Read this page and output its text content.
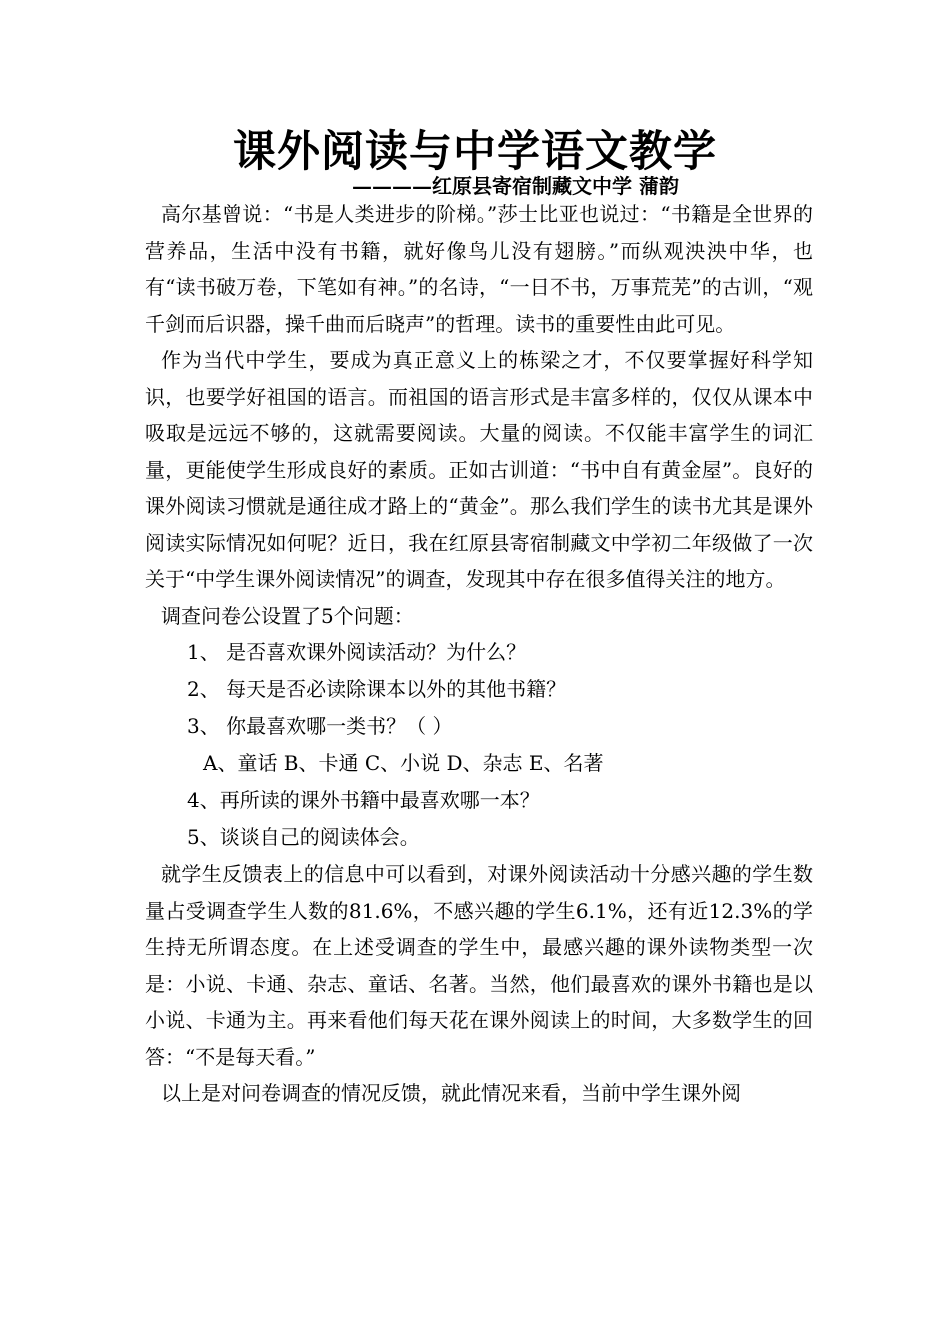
课外阅读与中学语文教学
————红原县寄宿制藏文中学 蒲韵

高尔基曾说：“书是人类进步的阶梯。”莎士比亚也说过：“书籍是全世界的营养品，生活中没有书籍，就好像鸟儿没有翅膀。”而纵观泱泱中华，也有“读书破万卷，下笔如有神。”的名诗，“一日不书，万事荒芜”的古训，“观千剑而后识器，操千曲而后晓声”的哲理。读书的重要性由此可见。

作为当代中学生，要成为真正意义上的栋梁之才，不仅要掌握好科学知识，也要学好祖国的语言。而祖国的语言形式是丰富多样的，仅仅从课本中吸取是远远不够的，这就需要阅读。大量的阅读。不仅能丰富学生的词汇量，更能使学生形成良好的素质。正如古训道：“书中自有黄金屋”。良好的课外阅读习惯就是通往成才路上的“黄金”。那么我们学生的读书尤其是课外阅读实际情况如何呢？近日，我在红原县寄宿制藏文中学初二年级做了一次关于“中学生课外阅读情况”的调查，发现其中存在很多值得关注的地方。

调查问卷公设置了5个问题：

1、 是否喜欢课外阅读活动？为什么？

2、 每天是否必读除课本以外的其他书籍？

3、 你最喜欢哪一类书？（ ）

A、童话 B、卡通 C、小说 D、杂志 E、名著

4、再所读的课外书籍中最喜欢哪一本？

5、谈谈自己的阅读体会。

就学生反馈表上的信息中可以看到，对课外阅读活动十分感兴趣的学生数量占受调查学生人数的81.6%，不感兴趣的学生6.1%，还有近12.3%的学生持无所谓态度。在上述受调查的学生中，最感兴趣的课外读物类型一次是：小说、卡通、杂志、童话、名著。当然，他们最喜欢的课外书籍也是以小说、卡通为主。再来看他们每天花在课外阅读上的时间，大多数学生的回答：“不是每天看。”

以上是对问卷调查的情况反馈，就此情况来看，当前中学生课外阅
